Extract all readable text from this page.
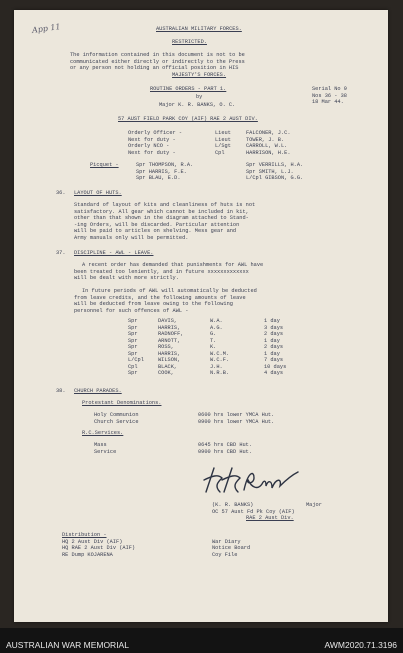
App 11	AUSTRALIAN MILITARY FORCES.
RESTRICTED.
The information contained in this document is not to be
communicated either directly or indirectly to the Press
or any person not holding an official position in HIS
MAJESTY'S FORCES.
ROUTINE ORDERS - PART 1.	Serial No 9
Nos 36 - 38
18 Mar 44.
by
Major K. R. BANKS, O. C.
57 AUST FIELD PARK COY (AIF) RAE 2 AUST DIV.
Orderly Officer -	Lieut	FALCONER, J.C.
Next for duty -	Lieut	TOWER, J. B.
Orderly NCO -	L/Sgt	CARROLL, W.L.
Next for duty -	Cpl	HARRISON, H.E.
Picquet -	Spr THOMPSON, R.A.	Spr VERRILLS, H.A.
Spr HARRIS, F.E.	Spr SMITH, L.J.
Spr BLAU, E.D.	L/Cpl GIBSON, G.G.
36. LAYOUT OF HUTS.
Standard of layout of kits and cleanliness of huts is not
satisfactory. All gear which cannot be included in kit,
other than that shown in the diagram attached to Stand-
-ing Orders, will be discarded. Particular attention
will be paid to articles on shelving. Mess gear and
Army manuals only will be permitted.
37. DISCIPLINE - AWL - LEAVE.
A recent order has demanded that punishments for AWL have
been treated too leniently, and in future xxxxxxxxxxxxx
will be dealt with more strictly.
In future periods of AWL will automatically be deducted
from leave credits, and the following amounts of leave
will be deducted from leave owing to the following
personnel for such offences of AWL -
Spr	DAVIS,	W.A.	1 day
Spr	HARRIS,	A.G.	3 days
Spr	RADNOFF,	G.	2 days
Spr	ARNOTT,	T.	1 day
Spr	ROSS,	K.	2 days
Spr	HARRIS,	W.C.M.	1 day
L/Cpl	WILSON,	W.C.F.	7 days
Cpl	BLACK,	J.H.	10 days
Spr	COOK,	N.R.B.	4 days
38. CHURCH PARADES.
Protestant Denominations.
Holy Communion	0600 hrs lower YMCA Hut.
Church Service	0900 hrs lower YMCA Hut.
R.C.Services.
Mass	0645 hrs CBD Hut.
Service	0900 hrs CBD Hut.
(K. R. BANKS)	Major
OC 57 Aust Fd Pk Coy (AIF)
RAE 2 Aust Div.
Distribution -
HQ 2 Aust Div (AIF)
HQ RAE 2 Aust Div (AIF)
RE Dump KOJARENA
War Diary
Notice Board
Coy File
AUSTRALIAN WAR MEMORIAL	AWM2020.71.3196
